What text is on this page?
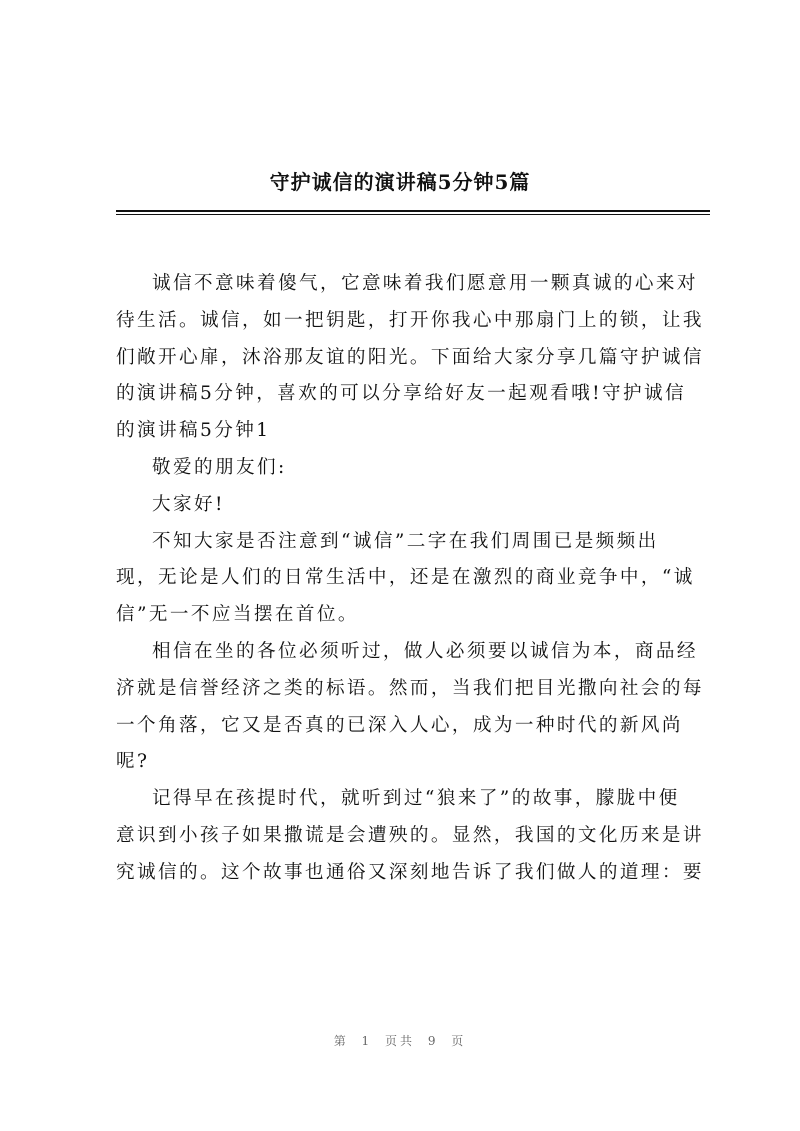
守护诚信的演讲稿5分钟5篇
诚信不意味着傻气，它意味着我们愿意用一颗真诚的心来对
待生活。诚信，如一把钥匙，打开你我心中那扇门上的锁，让我
们敞开心扉，沐浴那友谊的阳光。下面给大家分享几篇守护诚信
的演讲稿5分钟，喜欢的可以分享给好友一起观看哦!守护诚信
的演讲稿5分钟1
敬爱的朋友们:
大家好!
不知大家是否注意到“诚信”二字在我们周围已是频频出
现，无论是人们的日常生活中，还是在激烈的商业竞争中，“诚
信”无一不应当摆在首位。
相信在坐的各位必须听过，做人必须要以诚信为本，商品经
济就是信誉经济之类的标语。然而，当我们把目光撒向社会的每
一个角落，它又是否真的已深入人心，成为一种时代的新风尚
呢?
记得早在孩提时代，就听到过“狼来了”的故事，朦胧中便
意识到小孩子如果撒谎是会遭殃的。显然，我国的文化历来是讲
究诚信的。这个故事也通俗又深刻地告诉了我们做人的道理：要
第 1 页共 9 页
